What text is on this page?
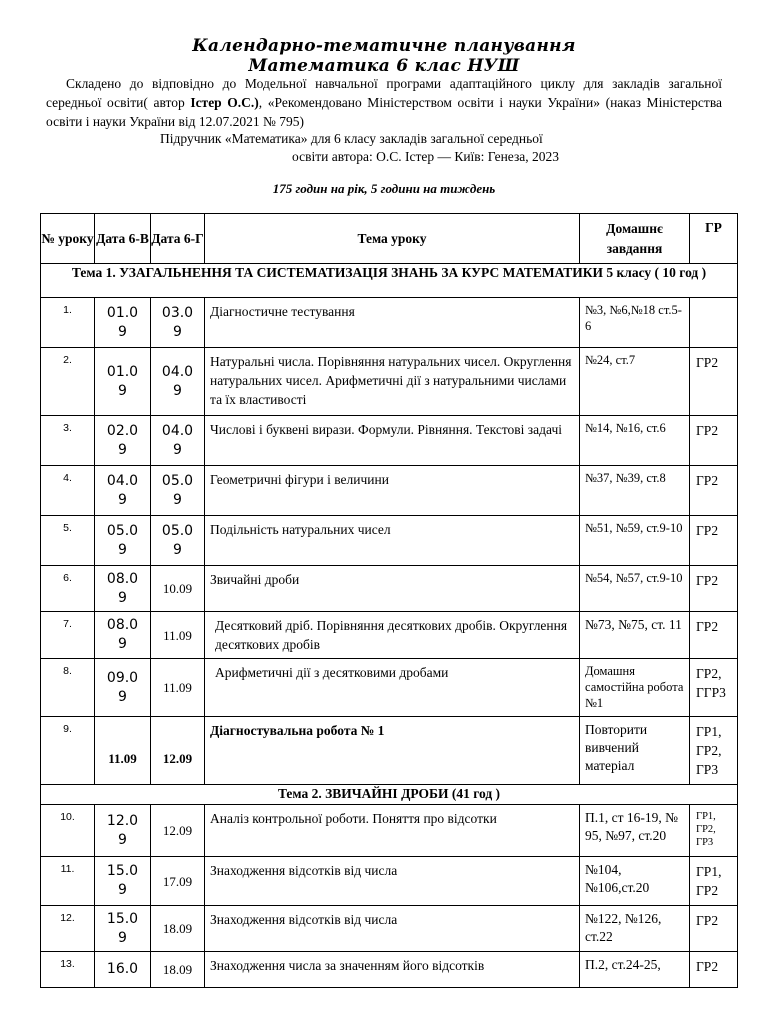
Календарно-тематичне планування
Математика 6 клас НУШ
Складено до відповідно до Модельної навчальної програми адаптаційного циклу для закладів загальної середньої освіти( автор Істер О.С.), «Рекомендовано Міністерством освіти і науки України» (наказ Міністерства освіти і науки України від 12.07.2021 № 795)
Підручник «Математика» для 6 класу закладів загальної середньої
освіти автора: О.С. Істер — Київ: Генеза, 2023
175 годин на рік, 5 години на тиждень
№ уроку	Дата 6-В	Дата 6-Г	Тема уроку	Домашнє завдання	ГР
Тема 1. УЗАГАЛЬНЕННЯ ТА СИСТЕМАТИЗАЦІЯ ЗНАНЬ ЗА КУРС МАТЕМАТИКИ 5 класу ( 10 год )					
1.	01.09	03.09	Діагностичне тестування	№3, №6,№18 ст.5-6	
2.	01.09	04.09	Натуральні числа. Порівняння натуральних чисел. Округлення натуральних чисел. Арифметичні дії з натуральними числами та їх властивості	№24, ст.7	ГР2
3.	02.09	04.09	Числові і буквені вирази. Формули. Рівняння. Текстові задачі	№14, №16, ст.6	ГР2
4.	04.09	05.09	Геометричні фігури і величини	№37, №39, ст.8	ГР2
5.	05.09	05.09	Подільність натуральних чисел	№51, №59, ст.9-10	ГР2
6.	08.09	10.09	Звичайні дроби	№54, №57, ст.9-10	ГР2
7.	08.09	11.09	Десятковий дріб. Порівняння десяткових дробів. Округлення десяткових дробів	№73, №75, ст. 11	ГР2
8.	09.09	11.09	Арифметичні дії з десятковими дробами	Домашня самостійна робота №1	ГР2, ГГР3
9.	11.09	12.09	Діагностувальна робота № 1	Повторити вивчений матеріал	ГР1, ГР2, ГР3
Тема 2. ЗВИЧАЙНІ ДРОБИ (41 год )					
10.	12.09	12.09	Аналіз контрольної роботи. Поняття про відсотки	П.1, ст 16-19, № 95, №97, ст.20	ГР1, ГР2, ГР3
11.	15.09	17.09	Знаходження відсотків від числа	№104, №106,ст.20	ГР1, ГР2
12.	15.09	18.09	Знаходження відсотків від числа	№122, №126, ст.22	ГР2
13.	16.0	18.09	Знаходження числа за значенням його відсотків	П.2, ст.24-25,	ГР2
